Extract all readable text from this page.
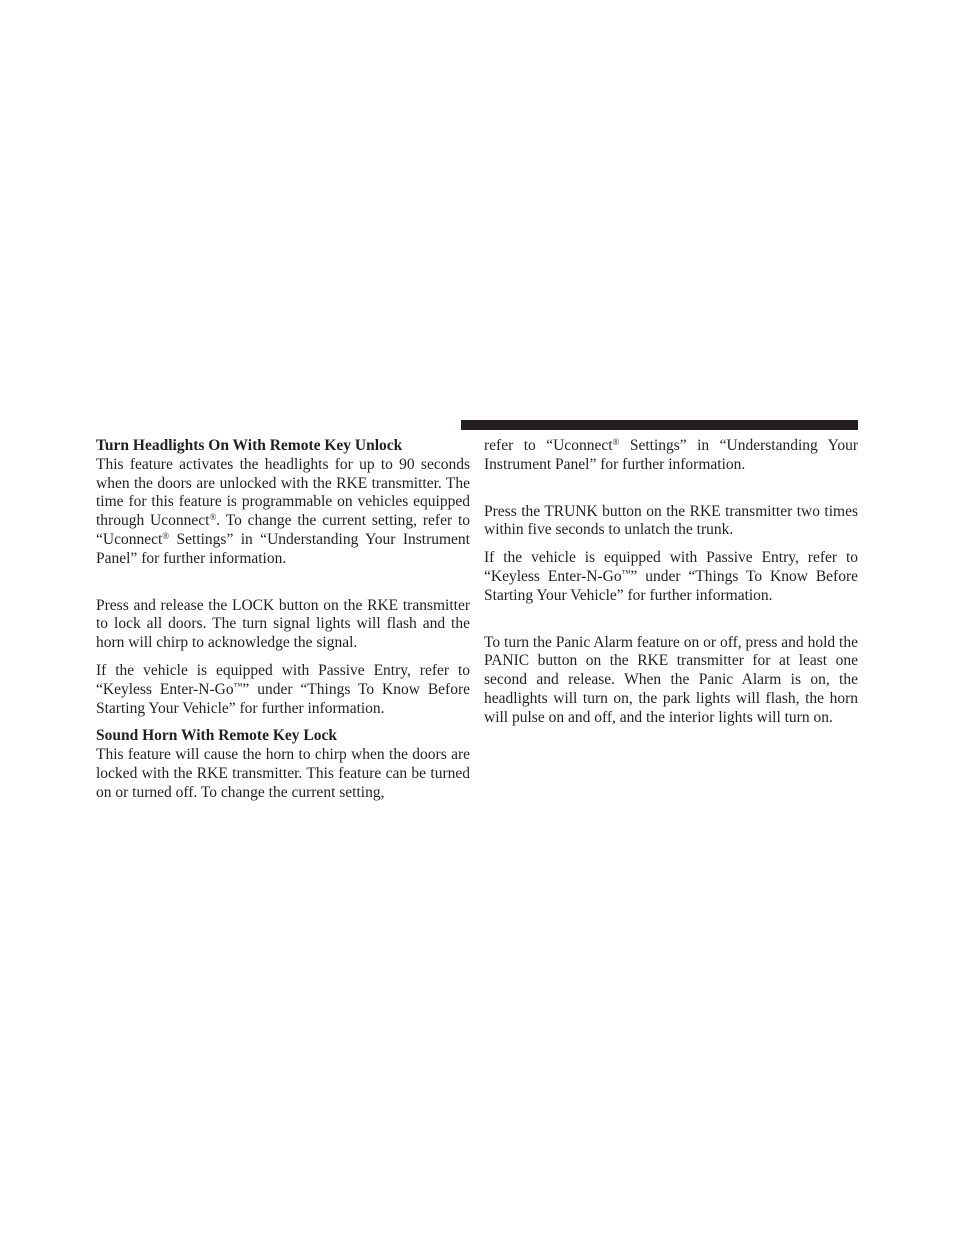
Turn Headlights On With Remote Key Unlock

This feature activates the headlights for up to 90 seconds when the doors are unlocked with the RKE transmitter. The time for this feature is programmable on vehicles equipped through Uconnect®. To change the current setting, refer to “Uconnect® Settings” in “Understanding Your Instrument Panel” for further information.

Press and release the LOCK button on the RKE transmitter to lock all doors. The turn signal lights will flash and the horn will chirp to acknowledge the signal.

If the vehicle is equipped with Passive Entry, refer to “Keyless Enter-N-Go™” under “Things To Know Before Starting Your Vehicle” for further information.

Sound Horn With Remote Key Lock

This feature will cause the horn to chirp when the doors are locked with the RKE transmitter. This feature can be turned on or turned off. To change the current setting,

refer to “Uconnect® Settings” in “Understanding Your Instrument Panel” for further information.

Press the TRUNK button on the RKE transmitter two times within five seconds to unlatch the trunk.

If the vehicle is equipped with Passive Entry, refer to “Keyless Enter-N-Go™” under “Things To Know Before Starting Your Vehicle” for further information.

To turn the Panic Alarm feature on or off, press and hold the PANIC button on the RKE transmitter for at least one second and release. When the Panic Alarm is on, the headlights will turn on, the park lights will flash, the horn will pulse on and off, and the interior lights will turn on.
